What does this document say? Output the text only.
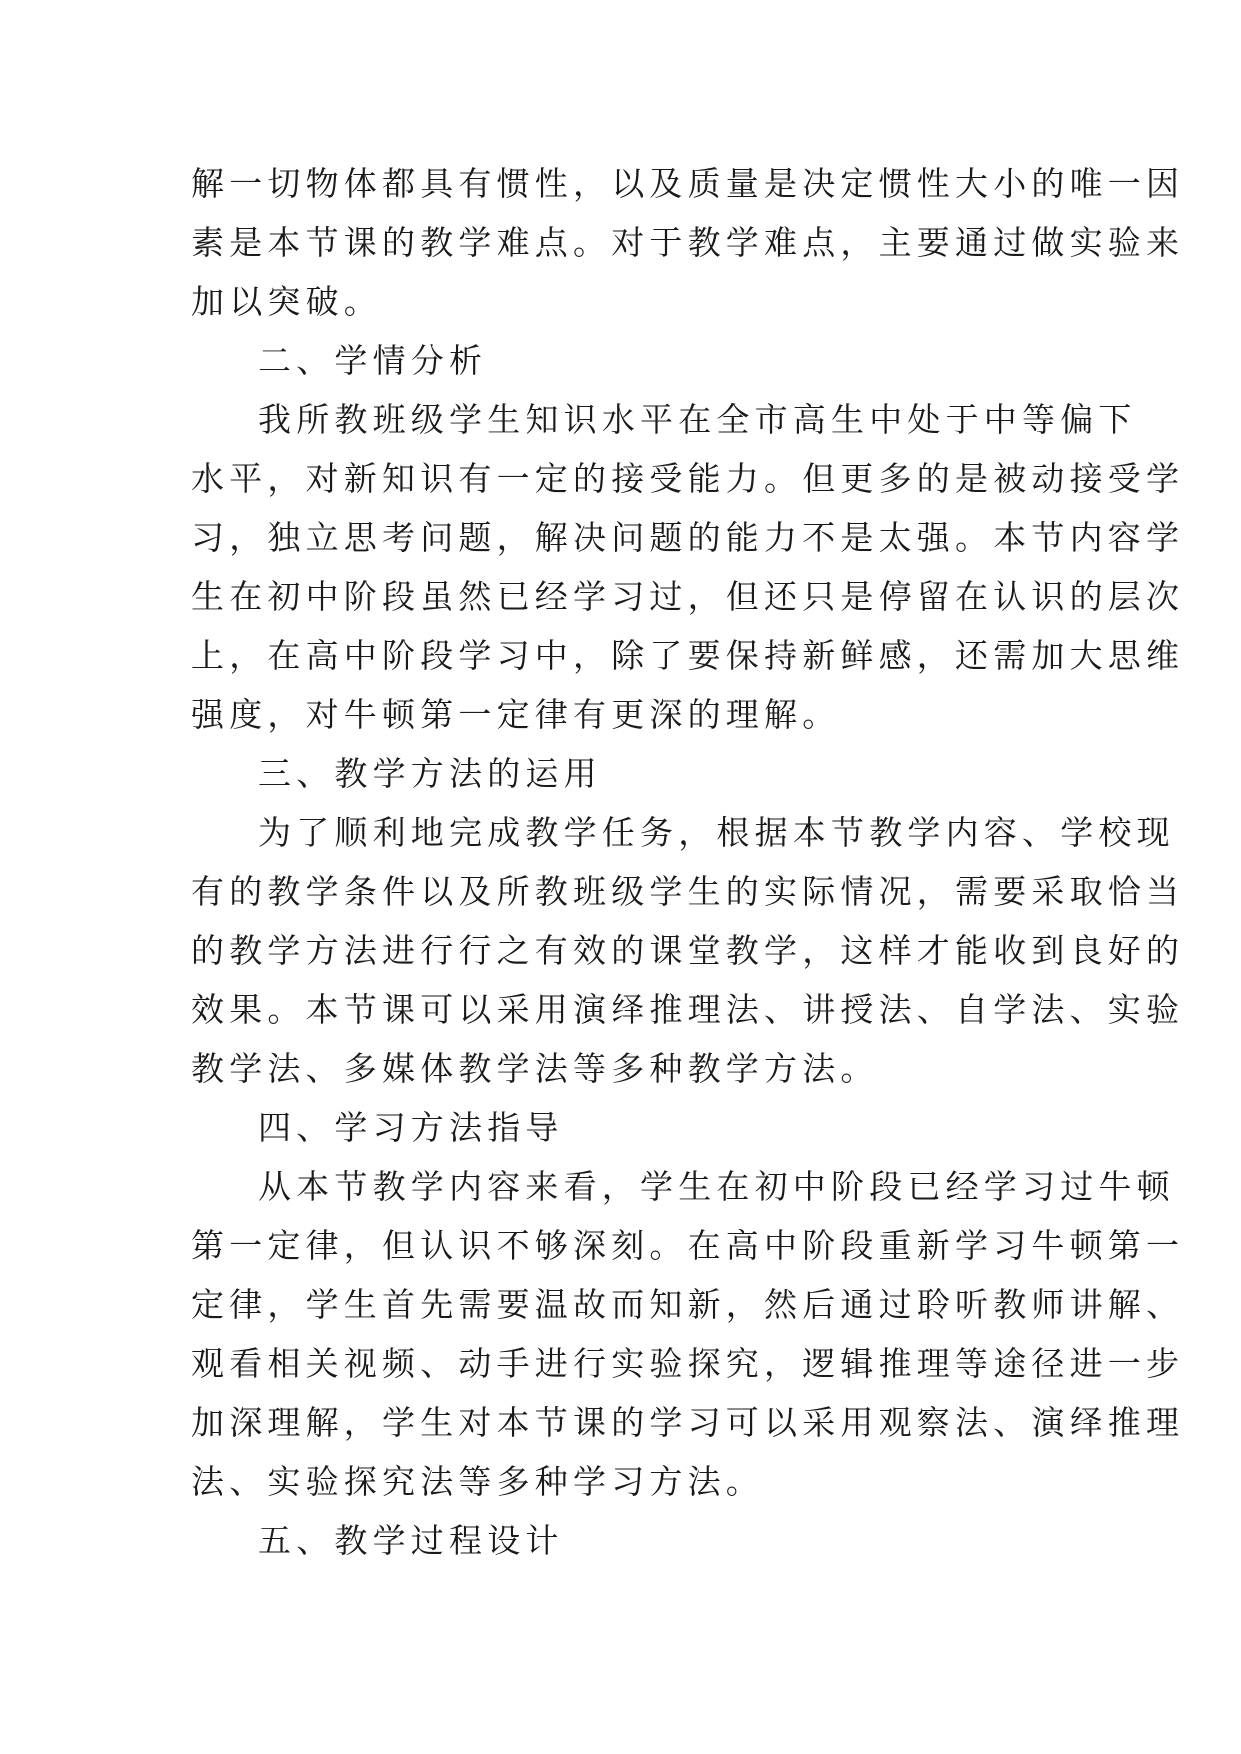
解一切物体都具有惯性，以及质量是决定惯性大小的唯一因
素是本节课的教学难点。对于教学难点，主要通过做实验来
加以突破。
二、学情分析
我所教班级学生知识水平在全市高生中处于中等偏下
水平，对新知识有一定的接受能力。但更多的是被动接受学
习，独立思考问题，解决问题的能力不是太强。本节内容学
生在初中阶段虽然已经学习过，但还只是停留在认识的层次
上，在高中阶段学习中，除了要保持新鲜感，还需加大思维
强度，对牛顿第一定律有更深的理解。
三、教学方法的运用
为了顺利地完成教学任务，根据本节教学内容、学校现
有的教学条件以及所教班级学生的实际情况，需要采取恰当
的教学方法进行行之有效的课堂教学，这样才能收到良好的
效果。本节课可以采用演绎推理法、讲授法、自学法、实验
教学法、多媒体教学法等多种教学方法。
四、学习方法指导
从本节教学内容来看，学生在初中阶段已经学习过牛顿
第一定律，但认识不够深刻。在高中阶段重新学习牛顿第一
定律，学生首先需要温故而知新，然后通过聆听教师讲解、
观看相关视频、动手进行实验探究，逻辑推理等途径进一步
加深理解，学生对本节课的学习可以采用观察法、演绎推理
法、实验探究法等多种学习方法。
五、教学过程设计
